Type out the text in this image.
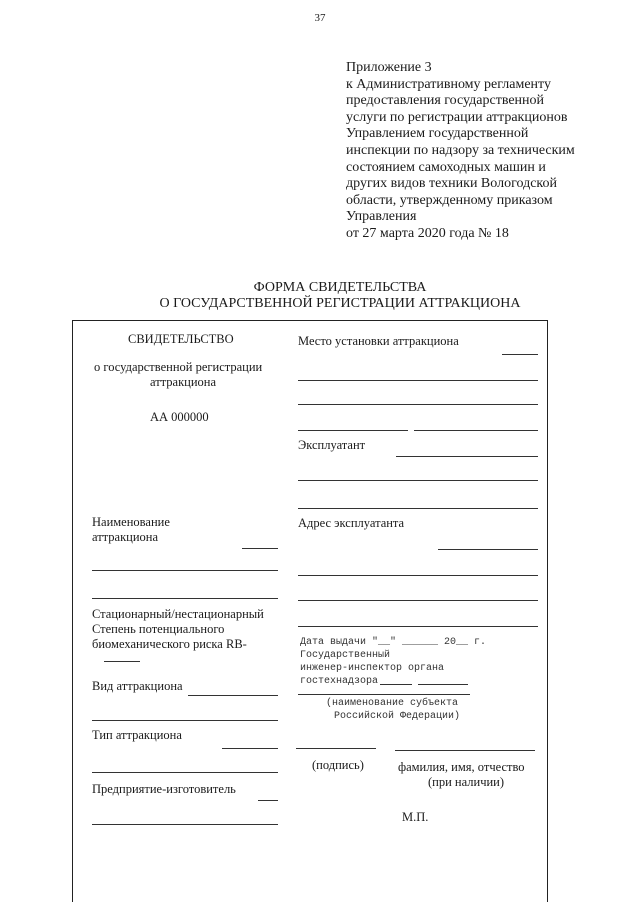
37
Приложение 3
к Административному регламенту
предоставления государственной
услуги по регистрации аттракционов
Управлением государственной
инспекции по надзору за техническим
состоянием самоходных машин и
других видов техники Вологодской
области, утвержденному приказом
Управления
от 27 марта 2020 года № 18
ФОРМА СВИДЕТЕЛЬСТВА
О ГОСУДАРСТВЕННОЙ РЕГИСТРАЦИИ АТТРАКЦИОНА
СВИДЕТЕЛЬСТВО
о государственной регистрации
аттракциона
АА 000000
Наименование
аттракциона
Стационарный/нестационарный
Степень потенциального
биомеханического риска RB-
Вид аттракциона
Тип аттракциона
Предприятие-изготовитель
Место установки аттракциона
Эксплуатант
Адрес эксплуатанта
Дата выдачи "__" ______ 20__ г.
Государственный
инженер-инспектор органа
гостехнадзора
(наименование субъекта
Российской Федерации)
(подпись)	фамилия, имя, отчество
(при наличии)
М.П.
